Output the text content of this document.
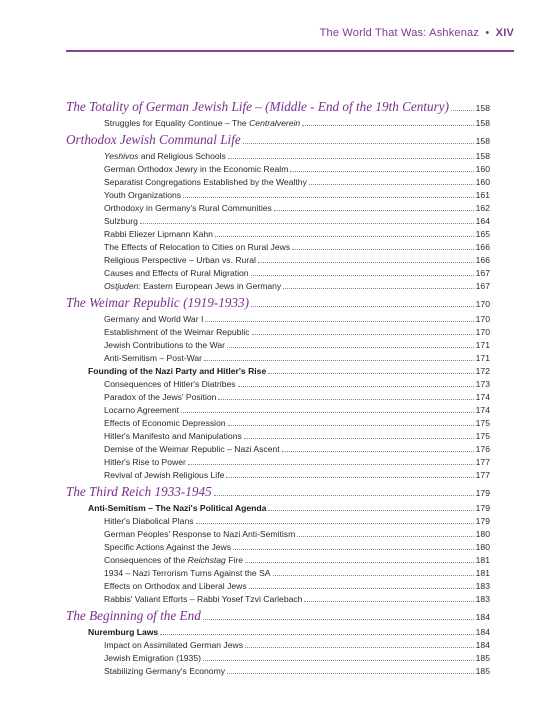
The World That Was: Ashkenaz • XIV
The Totality of German Jewish Life – (Middle - End of the 19th Century)	158
Struggles for Equality Continue – The Centralverein	158
Orthodox Jewish Communal Life	158
Yeshivos and Religious Schools	158
German Orthodox Jewry in the Economic Realm	160
Separatist Congregations Established by the Wealthy	160
Youth Organizations	161
Orthodoxy in Germany's Rural Communities	162
Sulzburg	164
Rabbi Eliezer Lipmann Kahn	165
The Effects of Relocation to Cities on Rural Jews	166
Religious Perspective – Urban vs. Rural	166
Causes and Effects of Rural Migration	167
Ostjuden: Eastern European Jews in Germany	167
The Weimar Republic (1919-1933)	170
Germany and World War I	170
Establishment of the Weimar Republic	170
Jewish Contributions to the War	171
Anti-Semitism – Post-War	171
Founding of the Nazi Party and Hitler's Rise	172
Consequences of Hitler's Diatribes	173
Paradox of the Jews' Position	174
Locarno Agreement	174
Effects of Economic Depression	175
Hitler's Manifesto and Manipulations	175
Demise of the Weimar Republic – Nazi Ascent	176
Hitler's Rise to Power	177
Revival of Jewish Religious Life	177
The Third Reich 1933-1945	179
Anti-Semitism – The Nazi's Political Agenda	179
Hitler's Diabolical Plans	179
German Peoples' Response to Nazi Anti-Semitism	180
Specific Actions Against the Jews	180
Consequences of the Reichstag Fire	181
1934 – Nazi Terrorism Turns Against the SA	181
Effects on Orthodox and Liberal Jews	183
Rabbis' Valiant Efforts – Rabbi Yosef Tzvi Carlebach	183
The Beginning of the End	184
Nuremburg Laws	184
Impact on Assimilated German Jews	184
Jewish Emigration (1935)	185
Stabilizing Germany's Economy	185
